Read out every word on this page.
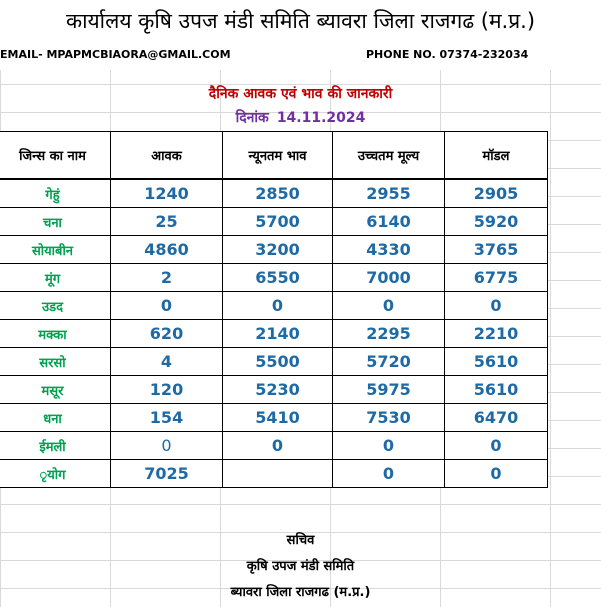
कार्यालय कृषि उपज मंडी समिति ब्यावरा जिला राजगढ (म.प्र.)
EMAIL- MPAPMCBIAORA@GMAIL.COM	PHONE NO. 07374-232034
दैनिक आवक एवं भाव की जानकारी
दिनांक 14.11.2024
जिन्स का नाम	आवक	न्यूनतम भाव	उच्चतम मूल्य	मॉडल
गेहुं	1240	2850	2955	2905
चना	25	5700	6140	5920
सोयाबीन	4860	3200	4330	3765
मूंग	2	6550	7000	6775
उडद	0	0	0	0
मक्का	620	2140	2295	2210
सरसो	4	5500	5720	5610
मसूर	120	5230	5975	5610
धना	154	5410	7530	6470
ईमली	0	0	0	0
ृयोग	7025		0	0
सचिव
कृषि उपज मंडी समिति
ब्यावरा जिला राजगढ (म.प्र.)
